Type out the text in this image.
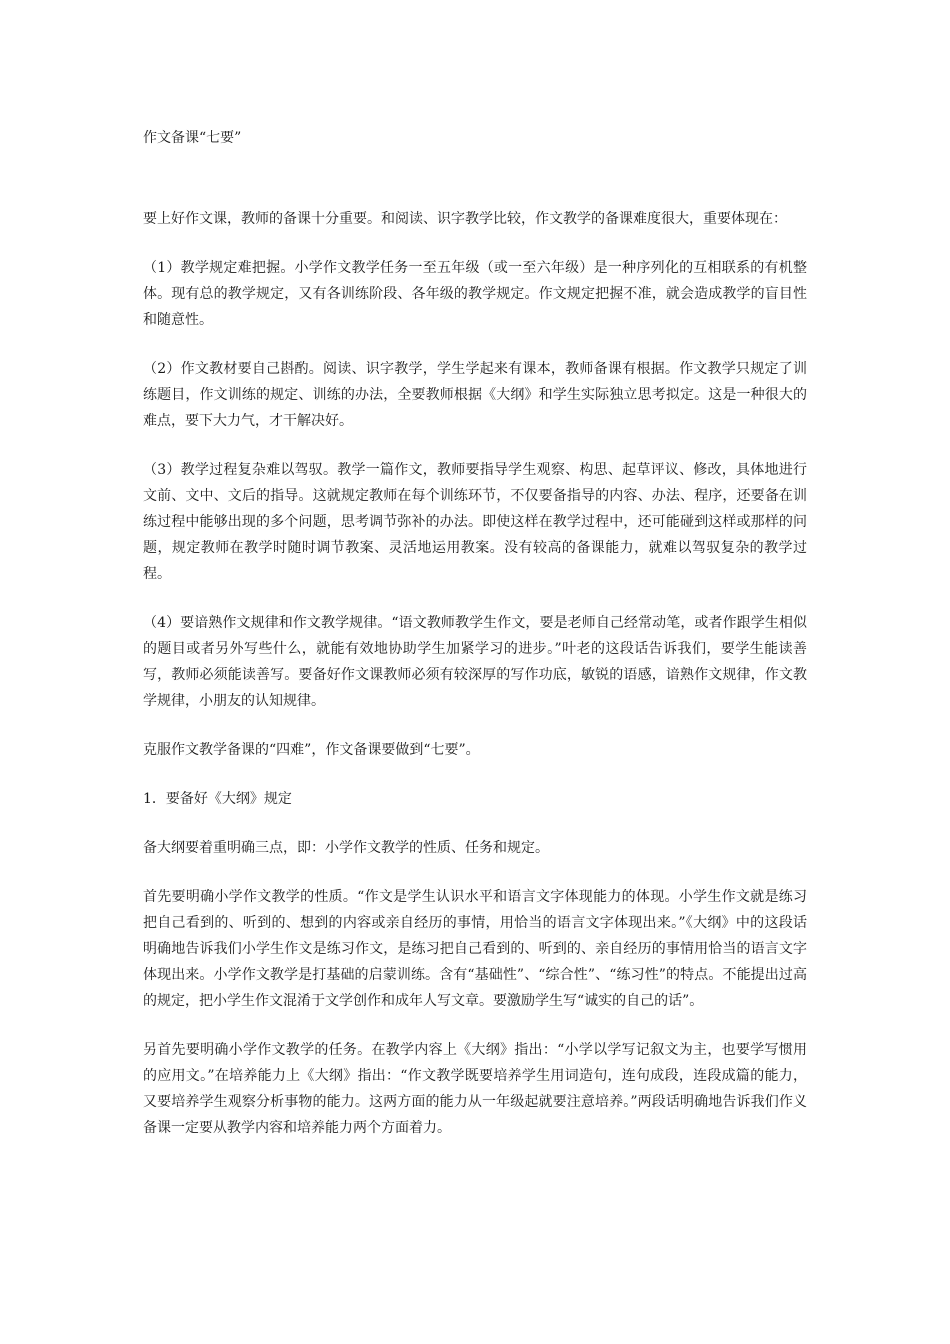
作文备课“七要”

要上好作文课，教师的备课十分重要。和阅读、识字教学比较，作文教学的备课难度很大，重要体现在：

（1）教学规定难把握。小学作文教学任务一至五年级（或一至六年级）是一种序列化的互相联系的有机整体。现有总的教学规定，又有各训练阶段、各年级的教学规定。作文规定把握不准，就会造成教学的盲目性和随意性。

（2）作文教材要自己斟酌。阅读、识字教学，学生学起来有课本，教师备课有根据。作文教学只规定了训练题目，作文训练的规定、训练的办法，全要教师根据《大纲》和学生实际独立思考拟定。这是一种很大的难点，要下大力气，才干解决好。

（3）教学过程复杂难以驾驭。教学一篇作文，教师要指导学生观察、构思、起草评议、修改，具体地进行文前、文中、文后的指导。这就规定教师在每个训练环节，不仅要备指导的内容、办法、程序，还要备在训练过程中能够出现的多个问题，思考调节弥补的办法。即使这样在教学过程中，还可能碰到这样或那样的问题，规定教师在教学时随时调节教案、灵活地运用教案。没有较高的备课能力，就难以驾驭复杂的教学过程。

（4）要谙熟作文规律和作文教学规律。“语文教师教学生作文，要是老师自己经常动笔，或者作跟学生相似的题目或者另外写些什么，就能有效地协助学生加紧学习的进步。”叶老的这段话告诉我们，要学生能读善写，教师必须能读善写。要备好作文课教师必须有较深厚的写作功底，敏锐的语感，谙熟作文规律，作文教学规律，小朋友的认知规律。

克服作文教学备课的“四难”，作文备课要做到“七要”。

1．要备好《大纲》规定

备大纲要着重明确三点，即：小学作文教学的性质、任务和规定。

首先要明确小学作文教学的性质。“作文是学生认识水平和语言文字体现能力的体现。小学生作文就是练习把自己看到的、听到的、想到的内容或亲自经历的事情，用恰当的语言文字体现出来。”《大纲》中的这段话明确地告诉我们小学生作文是练习作文，是练习把自己看到的、听到的、亲自经历的事情用恰当的语言文字体现出来。小学作文教学是打基础的启蒙训练。含有“基础性”、“综合性”、“练习性”的特点。不能提出过高的规定，把小学生作文混淆于文学创作和成年人写文章。要激励学生写“诚实的自己的话”。

另首先要明确小学作文教学的任务。在教学内容上《大纲》指出：“小学以学写记叙文为主，也要学写惯用的应用文。”在培养能力上《大纲》指出：“作文教学既要培养学生用词造句，连句成段，连段成篇的能力，又要培养学生观察分析事物的能力。这两方面的能力从一年级起就要注意培养。”两段话明确地告诉我们作义备课一定要从教学内容和培养能力两个方面着力。
